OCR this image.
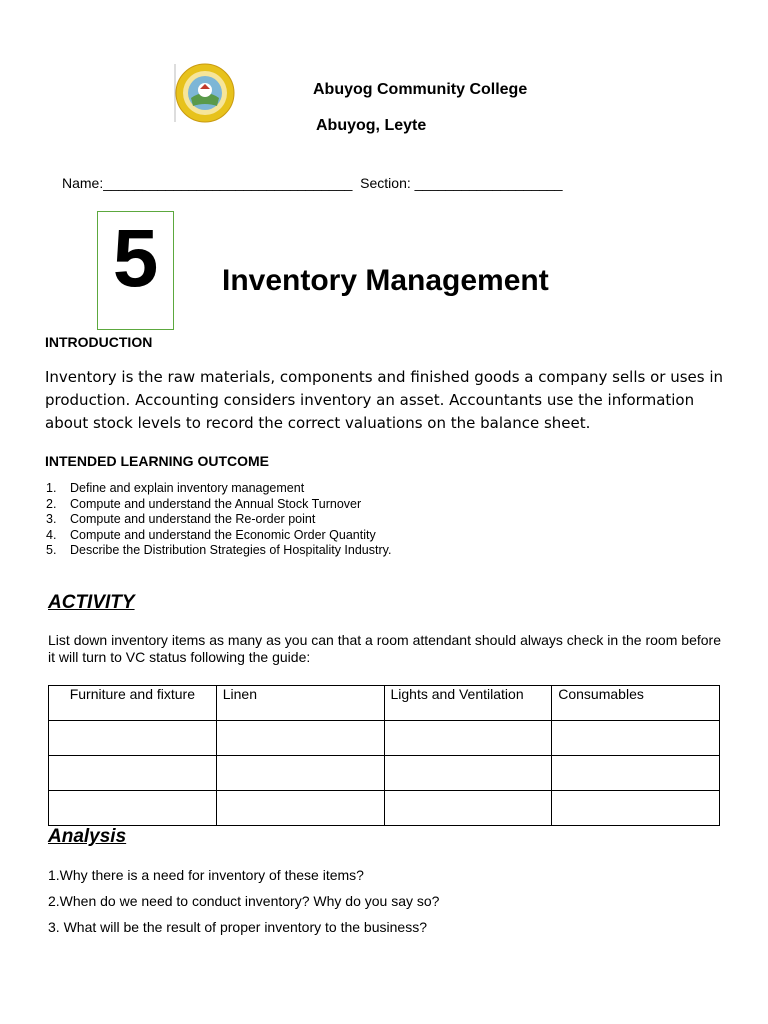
Abuyog Community College
Abuyog, Leyte
Name:________________________________  Section: ___________________
5	Inventory Management
INTRODUCTION
Inventory is the raw materials, components and finished goods a company sells or uses in production. Accounting considers inventory an asset. Accountants use the information about stock levels to record the correct valuations on the balance sheet.
INTENDED LEARNING OUTCOME
1.	Define and explain inventory management
2.	Compute and understand the Annual Stock Turnover
3.	Compute and understand the Re-order point
4.	Compute and understand the Economic Order Quantity
5.	Describe the Distribution Strategies of Hospitality Industry.
ACTIVITY
List down inventory items as many as you can that a room attendant should always check in the room before it will turn to VC status following the guide:
Furniture and fixture	Linen	Lights and Ventilation	Consumables

Analysis
1.Why there is a need for inventory of these items?
2.When do we need to conduct inventory? Why do you say so?
3. What will be the result of proper inventory to the business?
